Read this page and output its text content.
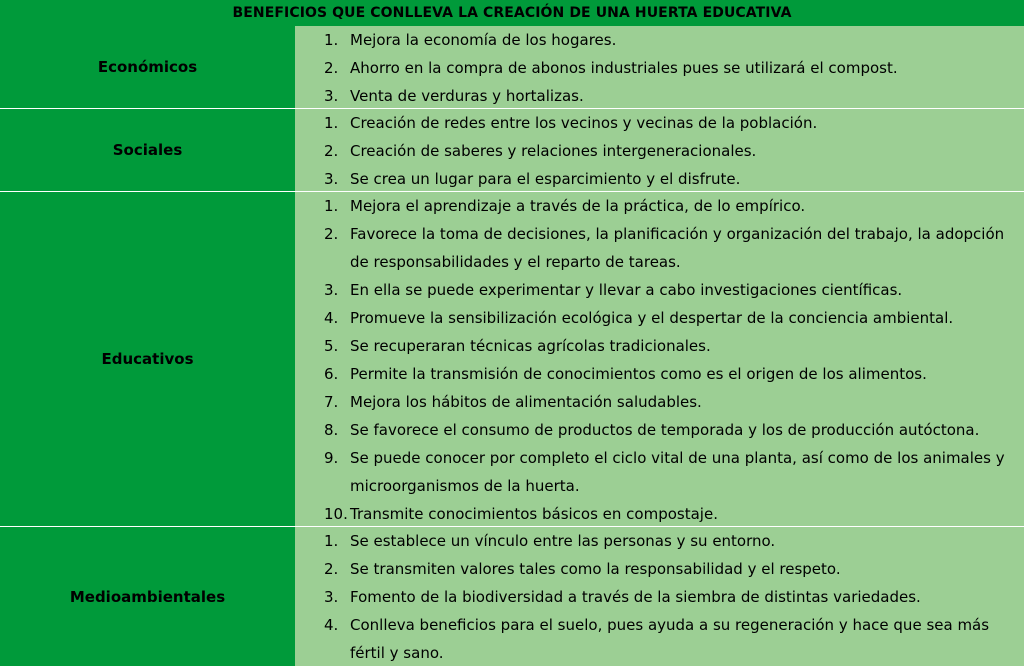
BENEFICIOS QUE CONLLEVA LA CREACIÓN DE UNA HUERTA EDUCATIVA
Económicos
1. Mejora la economía de los hogares.
2. Ahorro en la compra de abonos industriales pues se utilizará el compost.
3. Venta de verduras y hortalizas.
Sociales
1. Creación de redes entre los vecinos y vecinas de la población.
2. Creación de saberes y relaciones intergeneracionales.
3. Se crea un lugar para el esparcimiento y el disfrute.
Educativos
1. Mejora el aprendizaje a través de la práctica, de lo empírico.
2. Favorece la toma de decisiones, la planificación y organización del trabajo, la adopción de responsabilidades y el reparto de tareas.
3. En ella se puede experimentar y llevar a cabo investigaciones científicas.
4. Promueve la sensibilización ecológica y el despertar de la conciencia ambiental.
5. Se recuperaran técnicas agrícolas tradicionales.
6. Permite la transmisión de conocimientos como es el origen de los alimentos.
7. Mejora los hábitos de alimentación saludables.
8. Se favorece el consumo de productos de temporada y los de producción autóctona.
9. Se puede conocer por completo el ciclo vital de una planta, así como de los animales y microorganismos de la huerta.
10. Transmite conocimientos básicos en compostaje.
Medioambientales
1. Se establece un vínculo entre las personas y su entorno.
2. Se transmiten valores tales como la responsabilidad y el respeto.
3. Fomento de la biodiversidad a través de la siembra de distintas variedades.
4. Conlleva beneficios para el suelo, pues ayuda a su regeneración y hace que sea más fértil y sano.
